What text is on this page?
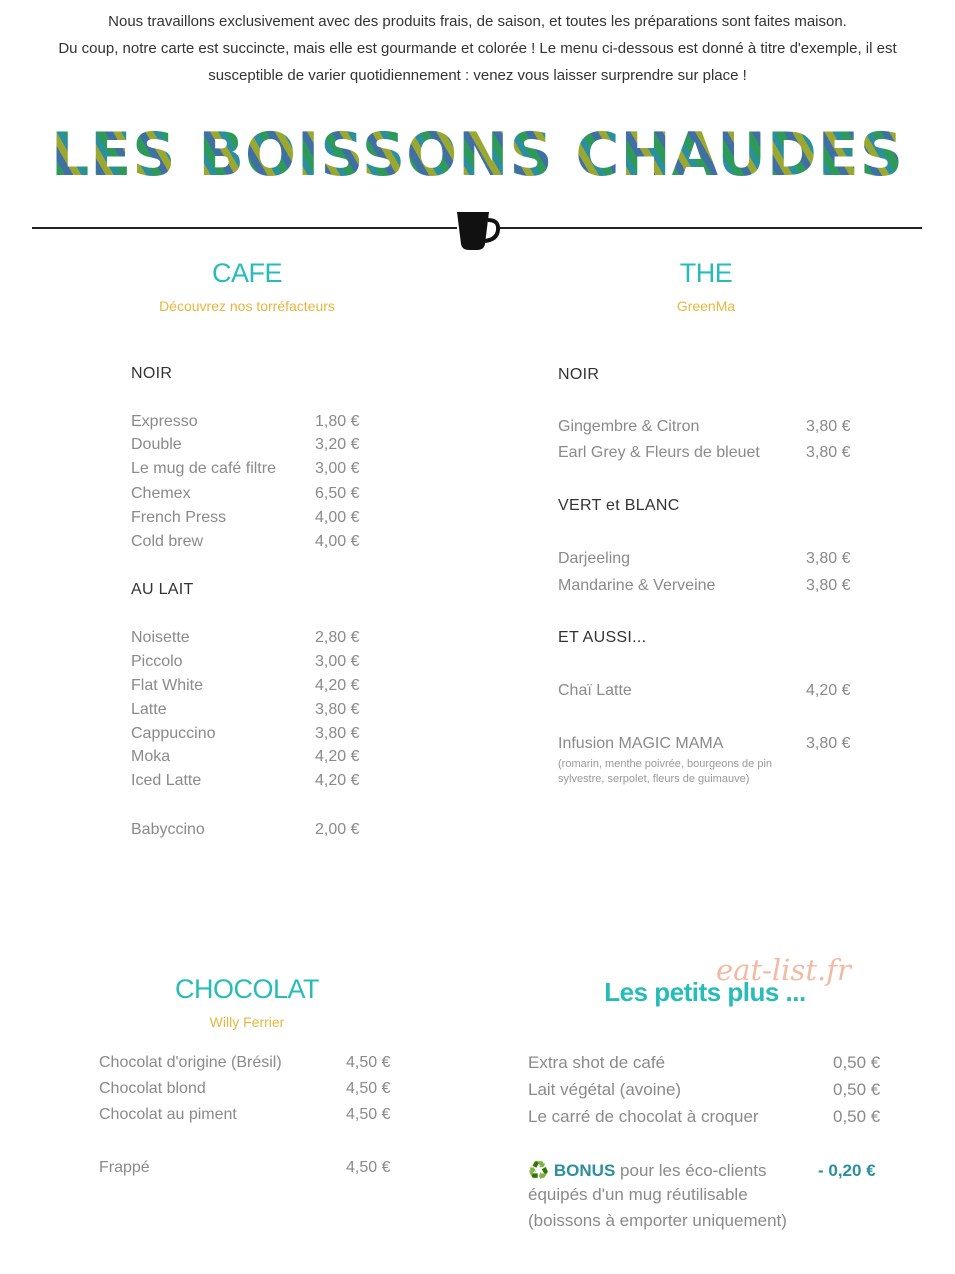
Nous travaillons exclusivement avec des produits frais, de saison, et toutes les préparations sont faites maison.
Du coup, notre carte est succincte, mais elle est gourmande et colorée ! Le menu ci-dessous est donné à titre d'exemple, il est
susceptible de varier quotidiennement : venez vous laisser surprendre sur place !
LES BOISSONS CHAUDES
CAFE
Découvrez nos torréfacteurs
NOIR
Expresso	1,80 €
Double	3,20 €
Le mug de café filtre 3,00 €
Chemex	6,50 €
French Press	4,00 €
Cold brew	4,00 €
AU LAIT
Noisette	2,80 €
Piccolo	3,00 €
Flat White	4,20 €
Latte	3,80 €
Cappuccino	3,80 €
Moka	4,20 €
Iced Latte	4,20 €
Babyccino	2,00 €
THE
GreenMa
NOIR
Gingembre & Citron	3,80 €
Earl Grey & Fleurs de bleuet	3,80 €
VERT et BLANC
Darjeeling	3,80 €
Mandarine & Verveine	3,80 €
ET AUSSI...
Chaï Latte	4,20 €
Infusion MAGIC MAMA	3,80 €
(romarin, menthe poivrée, bourgeons de pin
sylvestre, serpolet, fleurs de guimauve)
CHOCOLAT
Willy Ferrier
Chocolat d'origine (Brésil)	4,50 €
Chocolat blond	4,50 €
Chocolat au piment	4,50 €
Frappé	4,50 €
Les petits plus ...
eat-list.fr
Extra shot de café	0,50 €
Lait végétal (avoine)	0,50 €
Le carré de chocolat à croquer	0,50 €
♻️ BONUS pour les éco-clients	- 0,20 €
équipés d'un mug réutilisable
(boissons à emporter uniquement)
